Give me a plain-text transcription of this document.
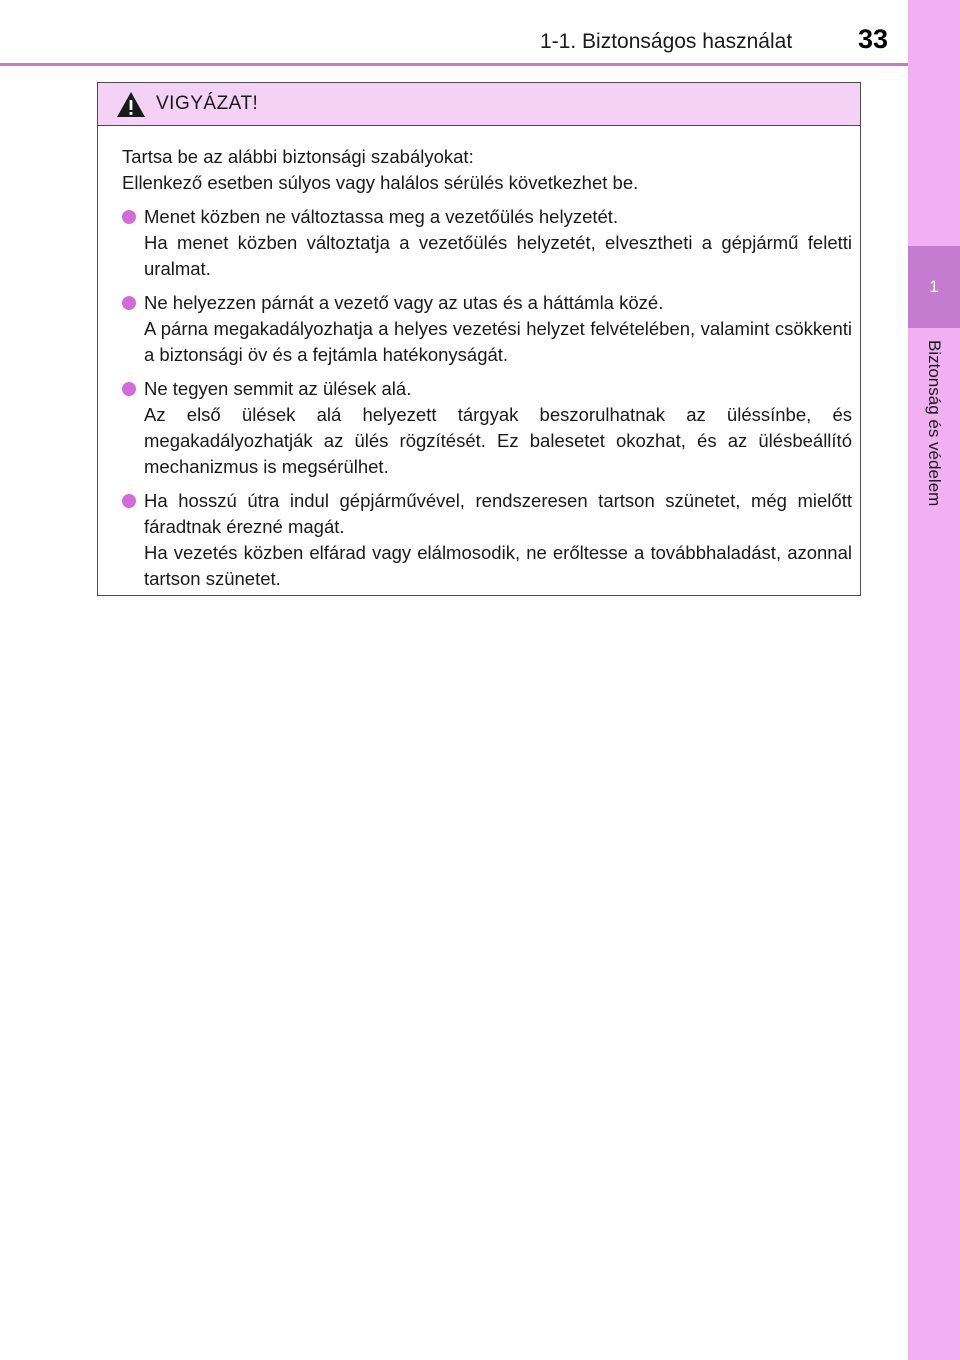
1
Biztonság és védelem
1-1. Biztonságos használat 33
VIGYÁZAT!

Tartsa be az alábbi biztonsági szabályokat:

Ellenkező esetben súlyos vagy halálos sérülés következhet be.

Menet közben ne változtassa meg a vezetőülés helyzetét.

Ha menet közben változtatja a vezetőülés helyzetét, elvesztheti a gépjármű feletti uralmat.

Ne helyezzen párnát a vezető vagy az utas és a háttámla közé.

A párna megakadályozhatja a helyes vezetési helyzet felvételében, valamint csökkenti a biztonsági öv és a fejtámla hatékonyságát.

Ne tegyen semmit az ülések alá.

Az első ülések alá helyezett tárgyak beszorulhatnak az üléssínbe, és megakadályozhatják az ülés rögzítését. Ez balesetet okozhat, és az ülésbeállító mechanizmus is megsérülhet.

Ha hosszú útra indul gépjárművével, rendszeresen tartson szünetet, még mielőtt fáradtnak érezné magát.

Ha vezetés közben elfárad vagy elálmosodik, ne erőltesse a továbbhaladást, azonnal tartson szünetet.
